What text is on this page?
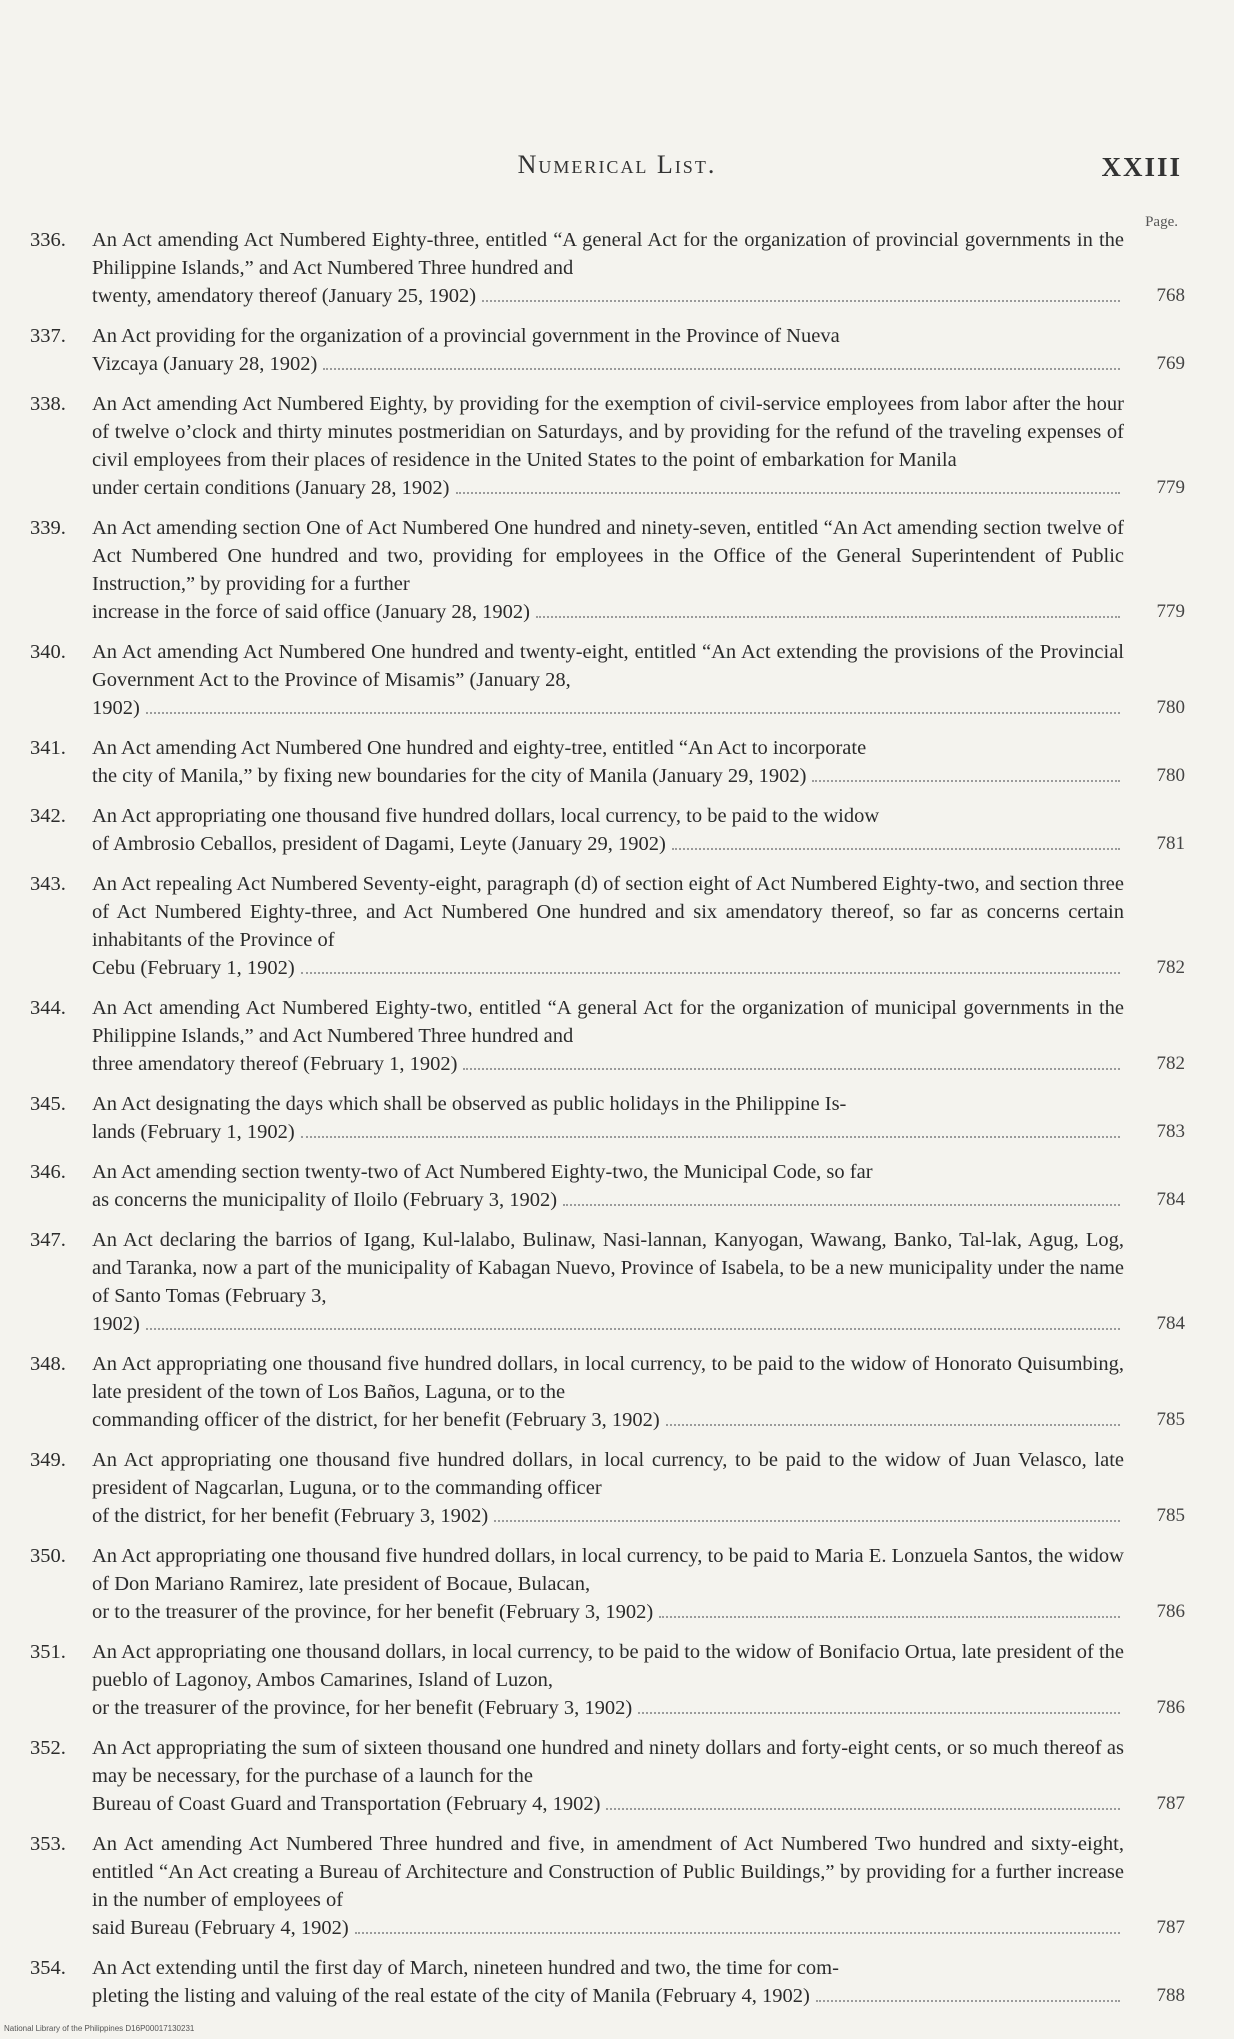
Numerical List.	XXIII
Page.
336.	An Act amending Act Numbered Eighty-three, entitled “A general Act for the organization of provincial governments in the Philippine Islands,” and Act Numbered Three hundred and
twenty, amendatory thereof (January 25, 1902)	768
337.	An Act providing for the organization of a provincial government in the Province of Nueva
Vizcaya (January 28, 1902)	769
338.	An Act amending Act Numbered Eighty, by providing for the exemption of civil-service employees from labor after the hour of twelve o’clock and thirty minutes postmeridian on Saturdays, and by providing for the refund of the traveling expenses of civil employees from their places of residence in the United States to the point of embarkation for Manila
under certain conditions (January 28, 1902)	779
339.	An Act amending section One of Act Numbered One hundred and ninety-seven, entitled “An Act amending section twelve of Act Numbered One hundred and two, providing for employees in the Office of the General Superintendent of Public Instruction,” by providing for a further
increase in the force of said office (January 28, 1902)	779
340.	An Act amending Act Numbered One hundred and twenty-eight, entitled “An Act extending the provisions of the Provincial Government Act to the Province of Misamis” (January 28,
1902)	780
341.	An Act amending Act Numbered One hundred and eighty-tree, entitled “An Act to incorporate
the city of Manila,” by fixing new boundaries for the city of Manila (January 29, 1902)	780
342.	An Act appropriating one thousand five hundred dollars, local currency, to be paid to the widow
of Ambrosio Ceballos, president of Dagami, Leyte (January 29, 1902)	781
343.	An Act repealing Act Numbered Seventy-eight, paragraph (d) of section eight of Act Numbered Eighty-two, and section three of Act Numbered Eighty-three, and Act Numbered One hundred and six amendatory thereof, so far as concerns certain inhabitants of the Province of
Cebu (February 1, 1902)	782
344.	An Act amending Act Numbered Eighty-two, entitled “A general Act for the organization of municipal governments in the Philippine Islands,” and Act Numbered Three hundred and
three amendatory thereof (February 1, 1902)	782
345.	An Act designating the days which shall be observed as public holidays in the Philippine Is-
lands (February 1, 1902)	783
346.	An Act amending section twenty-two of Act Numbered Eighty-two, the Municipal Code, so far
as concerns the municipality of Iloilo (February 3, 1902)	784
347.	An Act declaring the barrios of Igang, Kul-lalabo, Bulinaw, Nasi-lannan, Kanyogan, Wawang, Banko, Tal-lak, Agug, Log, and Taranka, now a part of the municipality of Kabagan Nuevo, Province of Isabela, to be a new municipality under the name of Santo Tomas (February 3,
1902)	784
348.	An Act appropriating one thousand five hundred dollars, in local currency, to be paid to the widow of Honorato Quisumbing, late president of the town of Los Baños, Laguna, or to the
commanding officer of the district, for her benefit (February 3, 1902)	785
349.	An Act appropriating one thousand five hundred dollars, in local currency, to be paid to the widow of Juan Velasco, late president of Nagcarlan, Luguna, or to the commanding officer
of the district, for her benefit (February 3, 1902)	785
350.	An Act appropriating one thousand five hundred dollars, in local currency, to be paid to Maria E. Lonzuela Santos, the widow of Don Mariano Ramirez, late president of Bocaue, Bulacan,
or to the treasurer of the province, for her benefit (February 3, 1902)	786
351.	An Act appropriating one thousand dollars, in local currency, to be paid to the widow of Bonifacio Ortua, late president of the pueblo of Lagonoy, Ambos Camarines, Island of Luzon,
or the treasurer of the province, for her benefit (February 3, 1902)	786
352.	An Act appropriating the sum of sixteen thousand one hundred and ninety dollars and forty-eight cents, or so much thereof as may be necessary, for the purchase of a launch for the
Bureau of Coast Guard and Transportation (February 4, 1902)	787
353.	An Act amending Act Numbered Three hundred and five, in amendment of Act Numbered Two hundred and sixty-eight, entitled “An Act creating a Bureau of Architecture and Construction of Public Buildings,” by providing for a further increase in the number of employees of
said Bureau (February 4, 1902)	787
354.	An Act extending until the first day of March, nineteen hundred and two, the time for com-
pleting the listing and valuing of the real estate of the city of Manila (February 4, 1902)	788
National Library of the Philippines D16P00017130231
